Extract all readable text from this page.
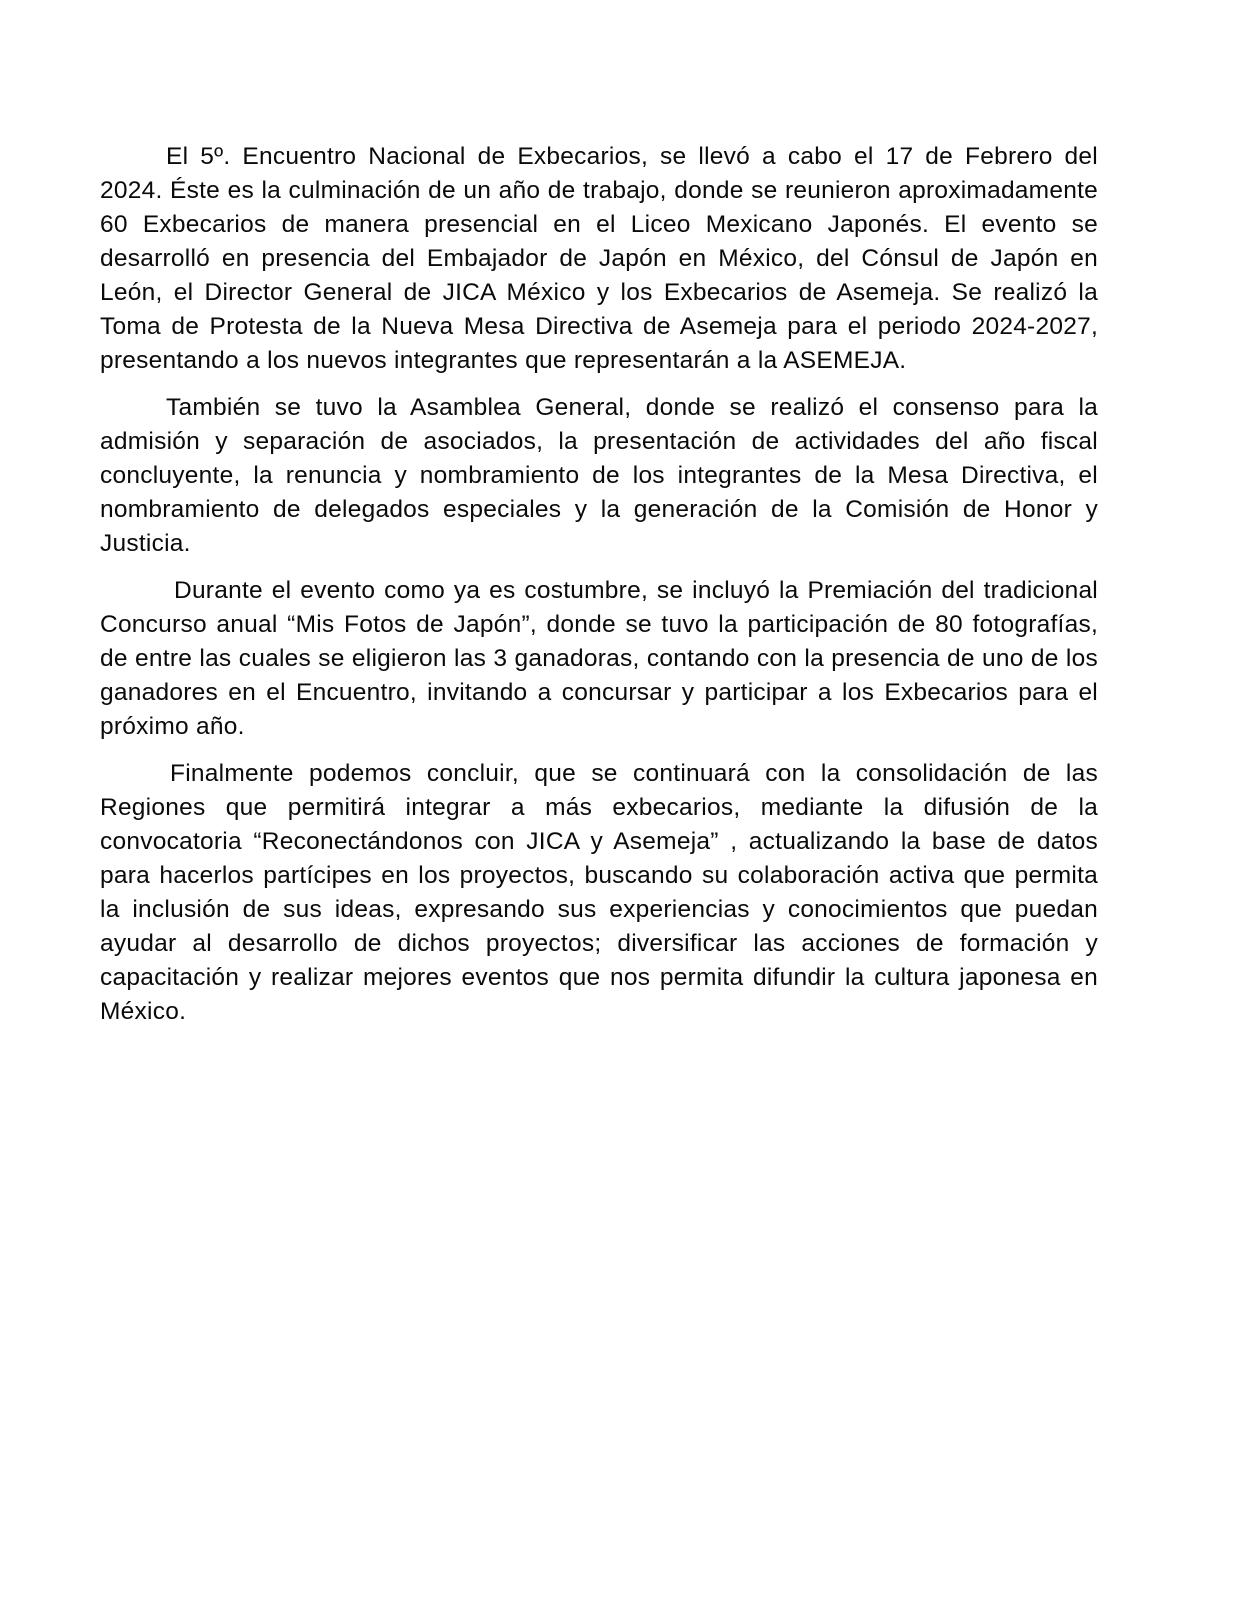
El 5º. Encuentro Nacional de Exbecarios, se llevó a cabo el 17 de Febrero del 2024. Éste es la culminación de un año de trabajo, donde se reunieron aproximadamente 60 Exbecarios de manera presencial en el Liceo Mexicano Japonés. El evento se desarrolló en presencia del Embajador de Japón en México, del Cónsul de Japón en León, el Director General de JICA México y los Exbecarios de Asemeja. Se realizó la Toma de Protesta de la Nueva Mesa Directiva de Asemeja para el periodo 2024-2027, presentando a los nuevos integrantes que representarán a la ASEMEJA.

También se tuvo la Asamblea General, donde se realizó el consenso para la admisión y separación de asociados, la presentación de actividades del año fiscal concluyente, la renuncia y nombramiento de los integrantes de la Mesa Directiva, el nombramiento de delegados especiales y la generación de la Comisión de Honor y Justicia.

Durante el evento como ya es costumbre, se incluyó la Premiación del tradicional Concurso anual “Mis Fotos de Japón”, donde se tuvo la participación de 80 fotografías, de entre las cuales se eligieron las 3 ganadoras, contando con la presencia de uno de los ganadores en el Encuentro, invitando a concursar y participar a los Exbecarios para el próximo año.

Finalmente podemos concluir, que se continuará con la consolidación de las Regiones que permitirá integrar a más exbecarios, mediante la difusión de la convocatoria “Reconectándonos con JICA y Asemeja” , actualizando la base de datos para hacerlos partícipes en los proyectos, buscando su colaboración activa que permita la inclusión de sus ideas, expresando sus experiencias y conocimientos que puedan ayudar al desarrollo de dichos proyectos; diversificar las acciones de formación y capacitación y realizar mejores eventos que nos permita difundir la cultura japonesa en México.
